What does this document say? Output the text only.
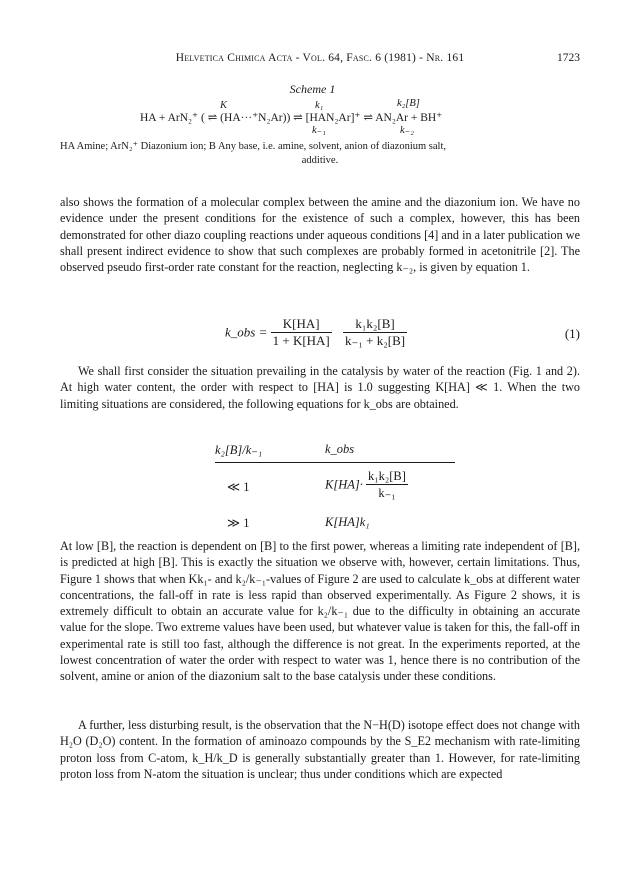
Helvetica Chimica Acta - Vol. 64, Fasc. 6 (1981) - Nr. 161	1723
Scheme 1
K	k₁	k₂[B]
HA + ArN₂⁺ ( ⇌ (HA···⁺N₂Ar)) ⇌ [HAN₂Ar]⁺ ⇌ AN₂Ar + BH⁺
k₋₁	k₋₂
HA Amine; ArN₂⁺ Diazonium ion; B Any base, i.e. amine, solvent, anion of diazonium salt,
additive.
also shows the formation of a molecular complex between the amine and the diazonium ion. We have no evidence under the present conditions for the existence of such a complex, however, this has been demonstrated for other diazo coupling reactions under aqueous conditions [4] and in a later publication we shall present indirect evidence to show that such complexes are probably formed in acetonitrile [2]. The observed pseudo first-order rate constant for the reaction, neglecting k₋₂, is given by equation 1.
k_obs = $\frac{K[HA]}{1 + K[HA]}$
$\frac{\text{k₁k₂[B]}}{\text{k₋₁ + k₂[B]}}$	(1)
We shall first consider the situation prevailing in the catalysis by water of the reaction (Fig. 1 and 2). At high water content, the order with respect to [HA] is 1.0 suggesting K[HA] ≪ 1. When the two limiting situations are considered, the following equations for k_obs are obtained.
k₂[B]/k₋₁	k_obs
≪ 1	$K[HA]\cdot \frac{\text{k₁k₂[B]}}{\text{k₋₁}}$
≫ 1	K[HA]k₁
At low [B], the reaction is dependent on [B] to the first power, whereas a limiting rate independent of [B], is predicted at high [B]. This is exactly the situation we observe with, however, certain limitations. Thus, Figure 1 shows that when Kk₁- and k₂/k₋₁-values of Figure 2 are used to calculate k_obs at different water concentrations, the fall-off in rate is less rapid than observed experimentally. As Figure 2 shows, it is extremely difficult to obtain an accurate value for k₂/k₋₁ due to the difficulty in obtaining an accurate value for the slope. Two extreme values have been used, but whatever value is taken for this, the fall-off in experimental rate is still too fast, although the difference is not great. In the experiments reported, at the lowest concentration of water the order with respect to water was 1, hence there is no contribution of the solvent, amine or anion of the diazonium salt to the base catalysis under these conditions.
A further, less disturbing result, is the observation that the N−H(D) isotope effect does not change with H₂O (D₂O) content. In the formation of aminoazo compounds by the S_E2 mechanism with rate-limiting proton loss from C-atom, k_H/k_D is generally substantially greater than 1. However, for rate-limiting proton loss from N-atom the situation is unclear; thus under conditions which are expected
